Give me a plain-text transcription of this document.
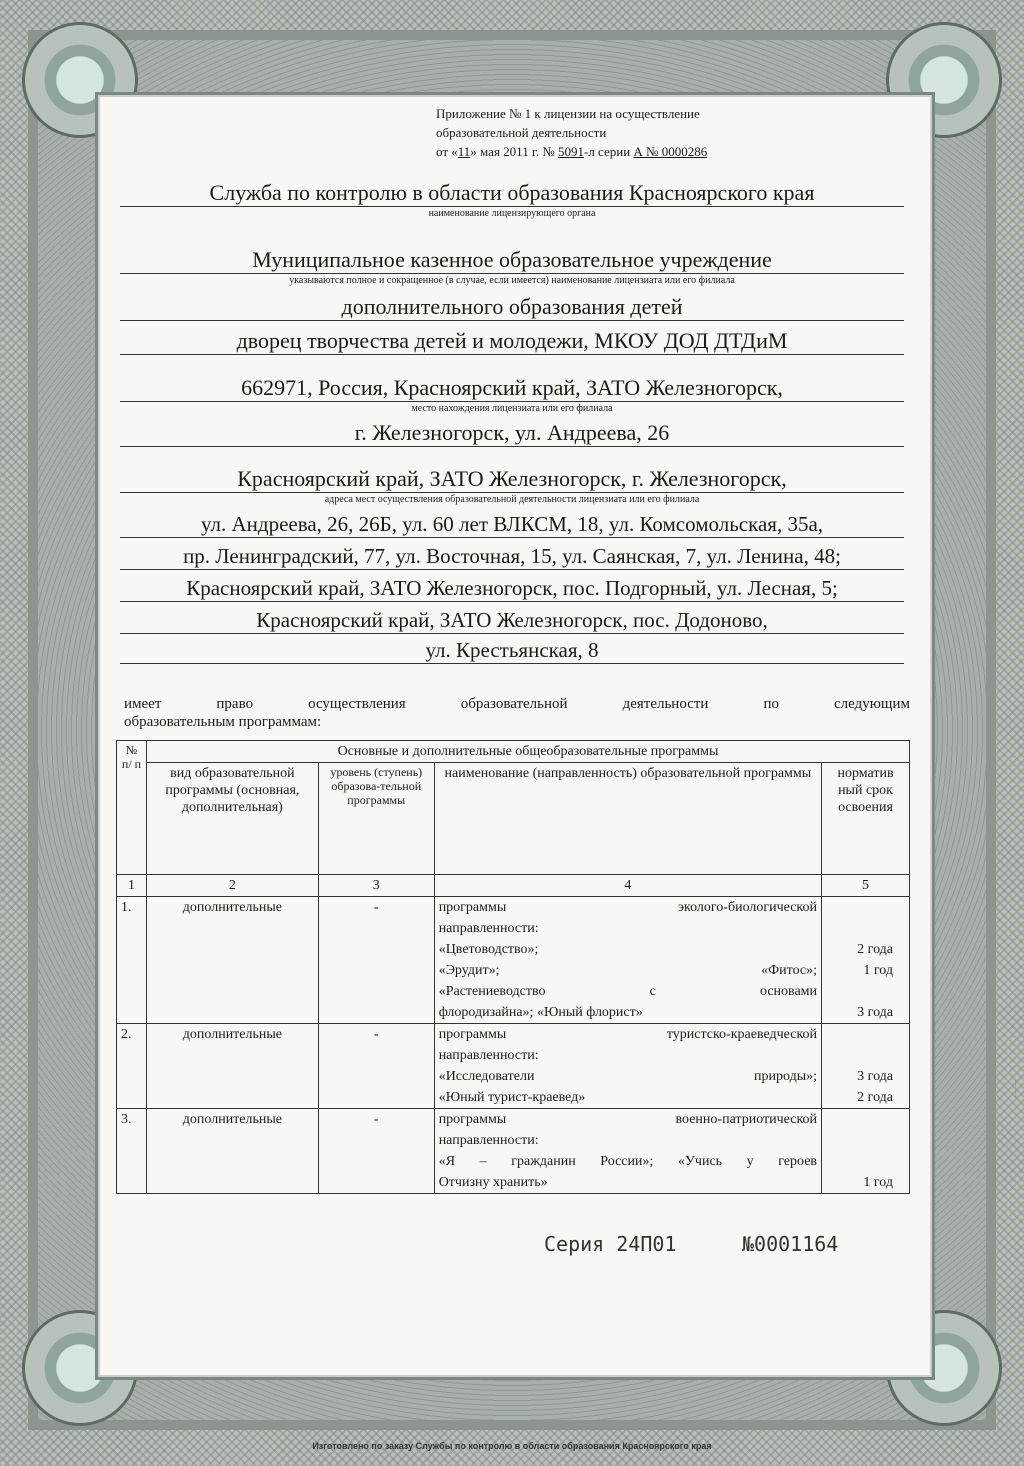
Приложение № 1 к лицензии на осуществление
образовательной деятельности
от «11» мая 2011 г. № 5091-л серии А № 0000286
Служба по контролю в области образования Красноярского края
наименование лицензирующего органа
Муниципальное казенное образовательное учреждение
указываются полное и сокращенное (в случае, если имеется) наименование лицензиата или его филиала
дополнительного образования детей
дворец творчества детей и молодежи, МКОУ ДОД ДТДиМ
662971, Россия, Красноярский край, ЗАТО Железногорск,
место нахождения лицензиата или его филиала
г. Железногорск, ул. Андреева, 26
Красноярский край, ЗАТО Железногорск, г. Железногорск,
адреса мест осуществления образовательной деятельности лицензиата или его филиала
ул. Андреева, 26, 26Б, ул. 60 лет ВЛКСМ, 18, ул. Комсомольская, 35а,
пр. Ленинградский, 77, ул. Восточная, 15, ул. Саянская, 7, ул. Ленина, 48;
Красноярский край, ЗАТО Железногорск, пос. Подгорный, ул. Лесная, 5;
Красноярский край, ЗАТО Железногорск, пос. Додоново,
ул. Крестьянская, 8
имеет право осуществления образовательной деятельности по следующим
образовательным программам:
№ п/ п	Основные и дополнительные общеобразовательные программы			
	вид образовательной программы (основная, дополнительная)	уровень (ступень) образова-тельной программы	наименование (направленность) образовательной программы	норматив ный срок освоения
1	2	3	4	5
1.	дополнительные	-	программы эколого-биологической	
			направленности:	
			«Цветоводство»;	2 года
			«Эрудит»; «Фитос»;	1 год
			«Растениеводство с основами	
			флородизайна»; «Юный флорист»	3 года
2.	дополнительные	-	программы туристско-краеведческой	
			направленности:	
			«Исследователи природы»;	3 года
			«Юный турист-краевед»	2 года
3.	дополнительные	-	программы военно-патриотической	
			направленности:	
			«Я – гражданин России»; «Учись у героев	
			Отчизну хранить»	1 год
Серия 24П01	№0001164
·········
Изготовлено по заказу Службы по контролю в области образования Красноярского края
